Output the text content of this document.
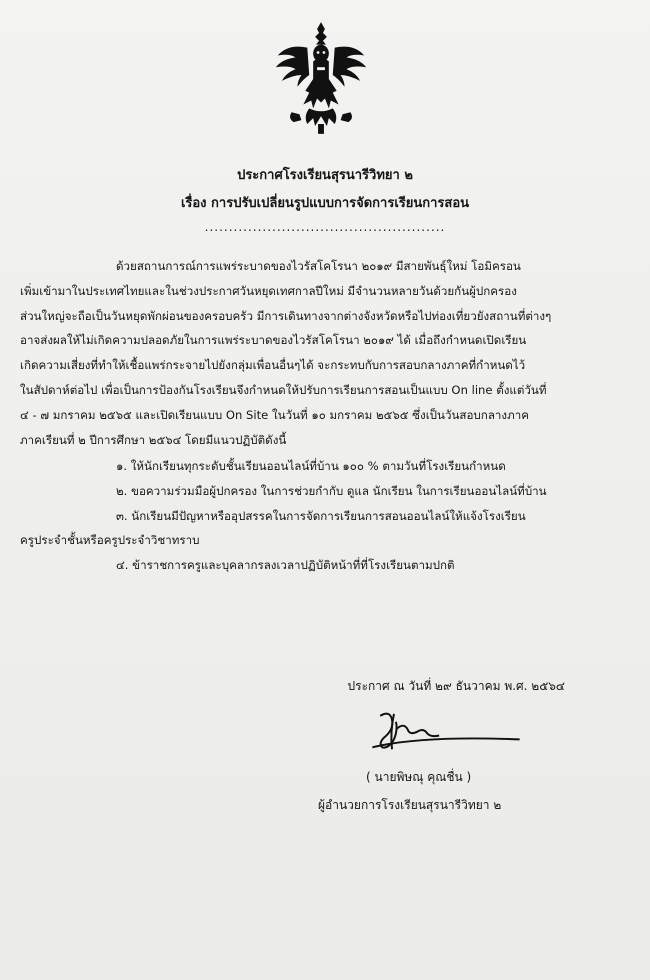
ประกาศโรงเรียนสุรนารีวิทยา ๒
เรื่อง การปรับเปลี่ยนรูปแบบการจัดการเรียนการสอน
..................................................
ด้วยสถานการณ์การแพร่ระบาดของไวรัสโคโรนา ๒๐๑๙ มีสายพันธุ์ใหม่ โอมิครอน
เพิ่มเข้ามาในประเทศไทยและในช่วงประกาศวันหยุดเทศกาลปีใหม่ มีจำนวนหลายวันด้วยกันผู้ปกครอง
ส่วนใหญ่จะถือเป็นวันหยุดพักผ่อนของครอบครัว มีการเดินทางจากต่างจังหวัดหรือไปท่องเที่ยวยังสถานที่ต่างๆ
อาจส่งผลให้ไม่เกิดความปลอดภัยในการแพร่ระบาดของไวรัสโคโรนา ๒๐๑๙ ได้ เมื่อถึงกำหนดเปิดเรียน
เกิดความเสี่ยงที่ทำให้เชื้อแพร่กระจายไปยังกลุ่มเพื่อนอื่นๆได้ จะกระทบกับการสอบกลางภาคที่กำหนดไว้
ในสัปดาห์ต่อไป เพื่อเป็นการป้องกันโรงเรียนจึงกำหนดให้ปรับการเรียนการสอนเป็นแบบ On line ตั้งแต่วันที่
๔ - ๗ มกราคม ๒๕๖๕ และเปิดเรียนแบบ On Site ในวันที่ ๑๐ มกราคม ๒๕๖๕ ซึ่งเป็นวันสอบกลางภาค
ภาคเรียนที่ ๒ ปีการศึกษา ๒๕๖๔ โดยมีแนวปฏิบัติดังนี้
๑. ให้นักเรียนทุกระดับชั้นเรียนออนไลน์ที่บ้าน ๑๐๐ % ตามวันที่โรงเรียนกำหนด
๒. ขอความร่วมมือผู้ปกครอง ในการช่วยกำกับ ดูแล นักเรียน ในการเรียนออนไลน์ที่บ้าน
๓. นักเรียนมีปัญหาหรืออุปสรรคในการจัดการเรียนการสอนออนไลน์ให้แจ้งโรงเรียน
ครูประจำชั้นหรือครูประจำวิชาทราบ
๔. ข้าราชการครูและบุคลากรลงเวลาปฏิบัติหน้าที่ที่โรงเรียนตามปกติ
ประกาศ ณ วันที่ ๒๙ ธันวาคม พ.ศ. ๒๕๖๔
( นายพิษณุ คุณชื่น )
ผู้อำนวยการโรงเรียนสุรนารีวิทยา ๒
